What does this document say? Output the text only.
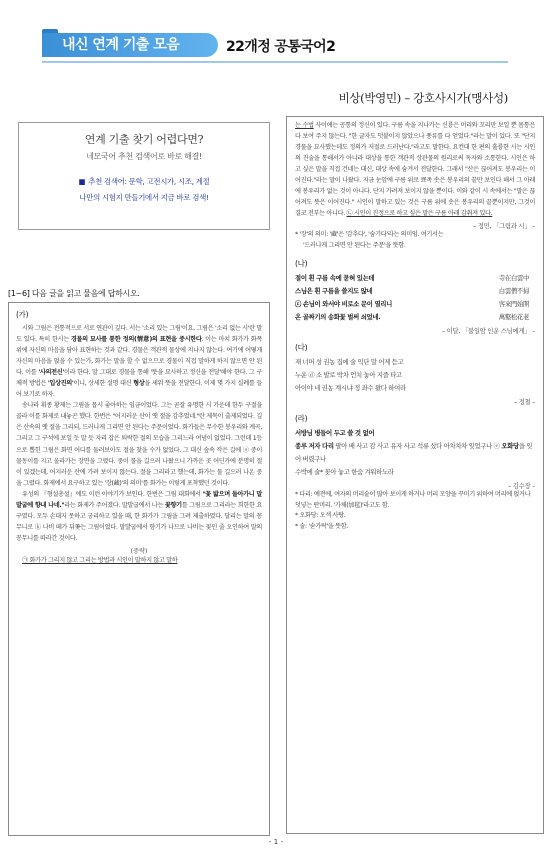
내신 연계 기출 모음	22개정 공통국어2
비상(박영민) – 강호사시가(맹사성)
연계 기출 찾기 어렵다면?
네모국어 추천 검색어로 바로 해결!
■ 추천 검색어: 문학, 고전시가, 시조, 계절
나만의 시험지 만들기에서 지금 바로 검색!
[1~6] 다음 글을 읽고 물음에 답하시오.
(가)

시와 그림은 전통적으로 서로 연관이 깊다. 서는 '소리 있는 그림'이요, 그림은 '소리 없는 시'란 말도 있다. 특히 한시는 경물의 묘사를 통한 정의(情意)의 표현을 중시한다. 이는 마치 화가가 화폭 위에 자신의 마음을 담아 표현하는 것과 같다. 경물은 객관적 물상에 지나지 않는다. 여기에 어떻게 자신의 마음을 얹을 수 있는가, 화가는 말을 할 수 없으므로 경물이 직접 말하게 하지 않으면 안 된다. 이를 '사의전신'이라 한다. 말 그대로 경물을 통해 '뜻을 묘사하고 정신을 전달'해야 한다. 그 구체적 방법은 '입상진의'이니, 상세한 설명 대신 형상을 세워 뜻을 전달한다. 이제 몇 가지 실례를 들어 보기로 하자.

송나라 휘종 황제는 그림을 몹시 좋아하는 임금이었다. 그는 곧잘 유명한 시 가운데 한두 구절을 골라 이를 화제로 내놓곤 했다. 한번은 "어지러운 산이 옛 절을 감추었네."란 제목이 출제되었다. 깊은 산속의 옛 절을 그리되, 드러나게 그리면 안 된다는 주문이었다. 화가들은 무수한 봉우리와 계곡, 그리고 그 구석에 보일 듯 말 듯 자리 잡은 퇴락한 절의 모습을 그리느라 여념이 없었다. 그런데 1등으로 뽑힌 그림은 화면 어디를 둘러보아도 절을 찾을 수가 없었다. 그 대신 숲속 작은 길에 ⓐ 중이 물동이를 지고 올라가는 장면을 그렸다. 중이 물을 길으러 나왔으니 가까운 곳 어딘가에 분명히 절이 있겠는데, 어지러운 산에 가려 보이지 않는다. 절을 그리라고 했는데, 화가는 물 길으러 나온 중을 그렸다. 화제에서 요구하고 있는 '장(藏)'의 의미'를 화가는 이렇게 포착했던 것이다.

유성의 『형설총설』에도 이런 이야기가 보인다. 한번은 그림 대회에서 "꽃 밟으며 돌아가니 말발굽에 향내 나네."라는 화제가 주어졌다. 말발굽에서 나는 꽃향기를 그림으로 그리라는 희한한 요구였다. 모두 손대지 못하고 궁리하고 있을 때, 한 화가가 그림을 그려 제출하였다. 달리는 말의 꽁무니로 ⓑ 나비 떼가 뒤쫓는 그림이었다. 말발굽에서 향기가 나므로 나비는 꽃인 줄 오인하여 말의 꽁무니를 따라간 것이다.

(중략)

㉠ 화가가 그리지 않고 그리는 방법과 시인이 말하지 않고 말하

는 수법 사이에는 공통의 정신이 있다. 구름 속을 지나가는 신룡은 머리와 꼬리만 보일 뿐 몸통은 다 보여 주지 않는다. "한 글자도 덧붙이지 않았으나 풍류를 다 얻었다."라는 말이 있다. 또 "단지 경물을 묘사했는데도 정의가 저절로 드러난다."라고도 말한다. 요컨대 한 편의 훌륭한 시는 시인의 진술을 통해서가 아니라 대상을 통한 객관적 상관물의 원리로써 독자와 소통한다. 시인은 하고 싶은 말을 직접 건네는 대신, 대상 속에 숨겨서 전달한다. 그래서 "산은 끊어져도 봉우리는 이어진다."라는 말이 나왔다. 지금 눈앞에 구름 위로 뾰족 솟은 봉우리의 끝만 보인다 해서 그 아래에 봉우리가 없는 것이 아니다. 단지 가려져 보이지 않을 뿐이다. 이와 같이 시 속에서는 "말은 끊어져도 뜻은 이어진다." 시인이 말하고 있는 것은 구름 위에 솟은 봉우리의 끝뿐이지만, 그것이 결코 전부는 아니다. ㉡ 시인이 진정으로 하고 싶은 말은 구름 아래 감춰져 있다.

– 정민, 「그림과 시」 –
* '장'의 의미: '藏'은 '감추다', '숨기다'라는 의미임. 여기서는
'드러나게 그리면 안 된다는 주문'을 뜻함.
(나)
절이 흰 구름 속에 묻혀 있는데	寺在白雲中
스님은 흰 구름을 쓸지도 않네	白雲僧不掃
ⓒ 손님이 와서야 비로소 문이 열리니	客來門始開
온 골짜기의 송화꽃 벌써 쇠었네.	萬壑松花老
– 이달, 「불일암 인운 스님에게」 –
(다)
재 너머 성 권농 집에 술 익단 말 어제 듣고
누운 ⓓ 소 발로 박차 언치 놓아 지즐 타고
아이야 네 권농 계시냐 정 좌수 왔다 하여라
– 정철 –
(라)
서방님 병들어 두고 쓸 것 없어
종루 저자 다리 팔아 배 사고 감 사고 유자 사고 석류 샀다 아차차차 잊었구나 ⓔ 오화당을 잊어 버렸구나
수박에 술* 꽂아 놓고 한숨 겨워하노라
– 김수장 –
* 다리: 예전에, 여자의 머리숱이 많아 보이게 하거나 머리 모양을 꾸미기 위하여 머리에 얹거나 덧넣는 딴머리. '가체(加髢)'라고도 함.
* 오화당: 오색 사탕.
* 술: '숟가락'을 뜻함.
- 1 -
